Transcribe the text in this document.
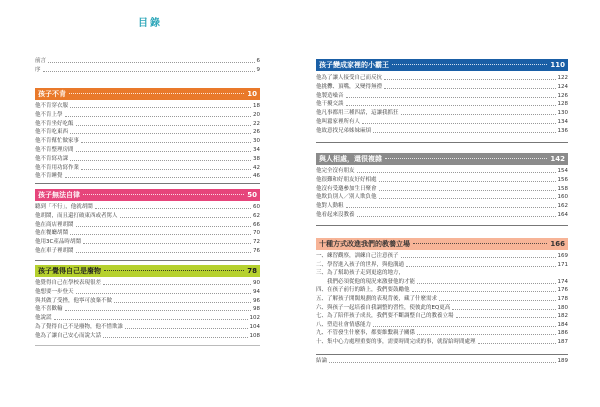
目錄
前言	6
序	9
孩子不肯	10
他不肯穿衣服	18
他不肯上學	20
他不肯坐好吃飯	22
他不肯吃東西	26
他不肯幫忙做家事	30
他不肯整理房間	34
他不肯寫功課	38
他不肯用功寫作業	42
他不肯睡覺	46
孩子無法自律	50
聽到「不行」，他就胡鬧	60
他胡鬧，而且還打破東西或者罵人	62
他在商店裡胡鬧	66
他在餐廳胡鬧	70
他用3C產品時胡鬧	72
他在車子裡胡鬧	76
孩子覺得自己是廢物	78
他覺得自己在學校表現很差	90
他想要一步登天	94
與其做了受挫，他寧可放棄不做	96
他不喜歡輸	98
他說謊	102
為了覺得自己不是廢物，他不惜欺誰	104
他為了讓自己安心而說大話	108
孩子變成家裡的小霸王	110
他為了讓人接受自己而反抗	122
他挑釁、頂嘴，又變得無禮	124
他製造噪音	126
他干擾交談	128
他凡事都用三種四話，這讓我抓狂	130
他叫囂家裡所有人	134
他故意找兄弟姊妹麻煩	136
與人相處，還很複雜	142
他完全沒有朋友	154
他很難和好朋友好好相處	156
他沒有受邀參加生日聚會	158
他欺負別人／別人欺負他	160
他對人動粗	162
他看起來沒教養	164
十種方式改進我們的教養立場	166
一、練習觀察，訓練自己注意孩子	169
二、學習進入孩子的世界，與他溝通	171
三、為了幫助孩子走到更遠的地方，
　　我們必須從他的現況來激發他的才能	174
四、在孩子前行的路上，我們要鼓勵他	176
五、了解孩子開闊規劃的表現背後，藏了什麼需求	178
六、與孩子一起培養自我調整的習性，使彼此的EQ更高	180
七、為了陪伴孩子成長，我們要不斷調整自己的教養立場	182
八、塑造社會情感能力	184
九、不管發生什麼事，都要維繫親子關係	186
十、集中心力處理重要的事，需要時間完成的事，就留給時間處理	187
結論	189
